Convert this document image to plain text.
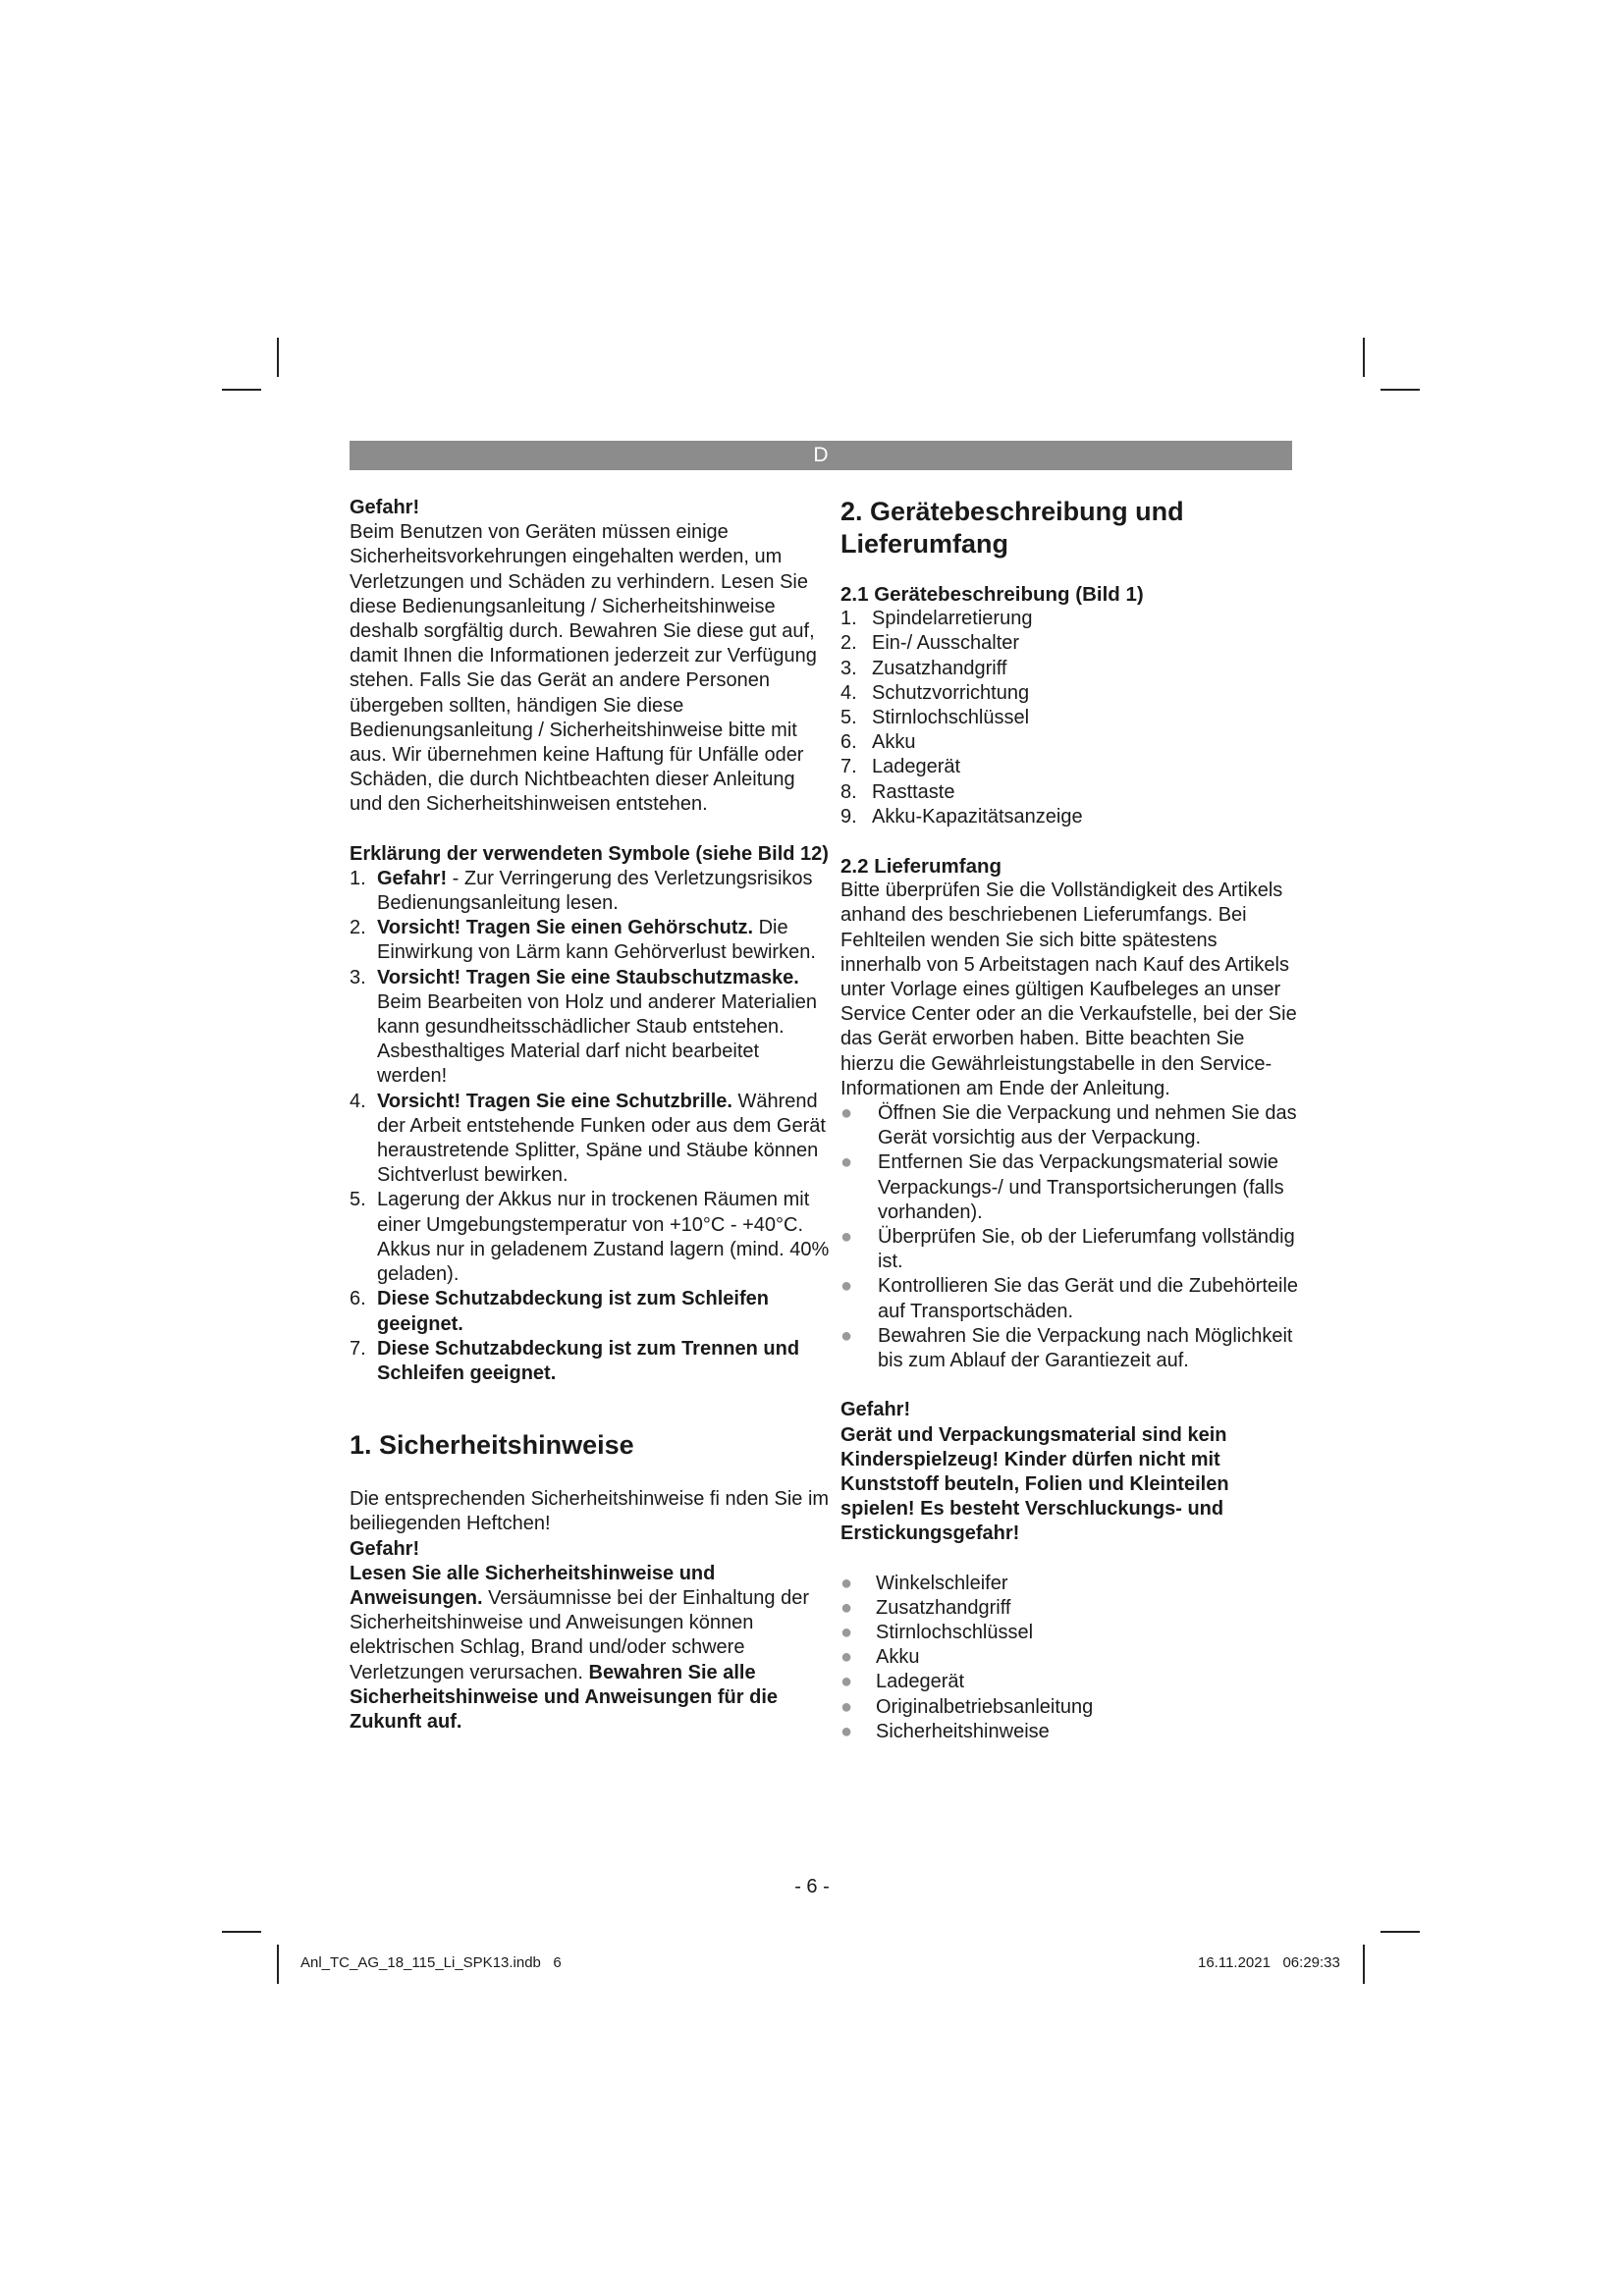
D
Gefahr!

Beim Benutzen von Geräten müssen einige Sicherheitsvorkehrungen eingehalten werden, um Verletzungen und Schäden zu verhindern. Lesen Sie diese Bedienungsanleitung / Sicherheitshinweise deshalb sorgfältig durch. Bewahren Sie diese gut auf, damit Ihnen die Informationen jederzeit zur Verfügung stehen. Falls Sie das Gerät an andere Personen übergeben sollten, händigen Sie diese Bedienungsanleitung / Sicherheitshinweise bitte mit aus. Wir übernehmen keine Haftung für Unfälle oder Schäden, die durch Nichtbeachten dieser Anleitung und den Sicherheitshinweisen entstehen.

Erklärung der verwendeten Symbole (siehe Bild 12)
1. Gefahr! - Zur Verringerung des Verletzungsrisikos Bedienungsanleitung lesen.
2. Vorsicht! Tragen Sie einen Gehörschutz. Die Einwirkung von Lärm kann Gehörverlust bewirken.
3. Vorsicht! Tragen Sie eine Staubschutzmaske. Beim Bearbeiten von Holz und anderer Materialien kann gesundheitsschädlicher Staub entstehen. Asbesthaltiges Material darf nicht bearbeitet werden!
4. Vorsicht! Tragen Sie eine Schutzbrille. Während der Arbeit entstehende Funken oder aus dem Gerät heraustretende Splitter, Späne und Stäube können Sichtverlust bewirken.
5. Lagerung der Akkus nur in trockenen Räumen mit einer Umgebungstemperatur von +10°C - +40°C. Akkus nur in geladenem Zustand lagern (mind. 40% geladen).
6. Diese Schutzabdeckung ist zum Schleifen geeignet.
7. Diese Schutzabdeckung ist zum Trennen und Schleifen geeignet.
1. Sicherheitshinweise

Die entsprechenden Sicherheitshinweise fi nden Sie im beiliegenden Heftchen!

Gefahr!

Lesen Sie alle Sicherheitshinweise und Anweisungen. Versäumnisse bei der Einhaltung der Sicherheitshinweise und Anweisungen können elektrischen Schlag, Brand und/oder schwere Verletzungen verursachen. Bewahren Sie alle Sicherheitshinweise und Anweisungen für die Zukunft auf.

2. Gerätebeschreibung und Lieferumfang
2.1 Gerätebeschreibung (Bild 1)
1. Spindelarretierung
2. Ein-/ Ausschalter
3. Zusatzhandgriff
4. Schutzvorrichtung
5. Stirnlochschlüssel
6. Akku
7. Ladegerät
8. Rasttaste
9. Akku-Kapazitätsanzeige
2.2 Lieferumfang

Bitte überprüfen Sie die Vollständigkeit des Artikels anhand des beschriebenen Lieferumfangs. Bei Fehlteilen wenden Sie sich bitte spätestens innerhalb von 5 Arbeitstagen nach Kauf des Artikels unter Vorlage eines gültigen Kaufbeleges an unser Service Center oder an die Verkaufstelle, bei der Sie das Gerät erworben haben. Bitte beachten Sie hierzu die Gewährleistungstabelle in den Service-Informationen am Ende der Anleitung.

●	Öffnen Sie die Verpackung und nehmen Sie das Gerät vorsichtig aus der Verpackung.
●	Entfernen Sie das Verpackungsmaterial sowie Verpackungs-/ und Transportsicherungen (falls vorhanden).
●	Überprüfen Sie, ob der Lieferumfang vollständig ist.
●	Kontrollieren Sie das Gerät und die Zubehörteile auf Transportschäden.
●	Bewahren Sie die Verpackung nach Möglichkeit bis zum Ablauf der Garantiezeit auf.
Gefahr!

Gerät und Verpackungsmaterial sind kein Kinderspielzeug! Kinder dürfen nicht mit Kunststoff beuteln, Folien und Kleinteilen spielen! Es besteht Verschluckungs- und Erstickungsgefahr!

●	Winkelschleifer
●	Zusatzhandgriff
●	Stirnlochschlüssel
●	Akku
●	Ladegerät
●	Originalbetriebsanleitung
●	Sicherheitshinweise
- 6 -
Anl_TC_AG_18_115_Li_SPK13.indb   6	16.11.2021   06:29:33
